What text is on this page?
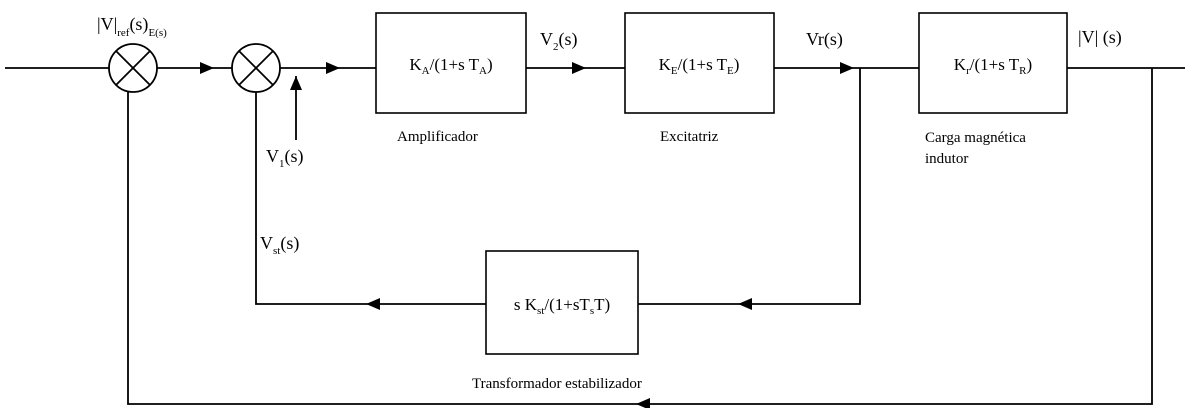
$K_A/(1+s$ $T_A$)
Amplificador
$K_E/(1+s$ $T_E$)
Excitatriz
$K_r/(1+s$ $T_R$)
Carga magnética
indutor
s $K_{st}/(1+sT_sT)$
Transformador estabilizador
$|V|_{ref}(s)_{E(s)}$	$V_2(s)$	Vr(s)	|V| (s)
$V_1(s)$
$V_{st}(s)$
